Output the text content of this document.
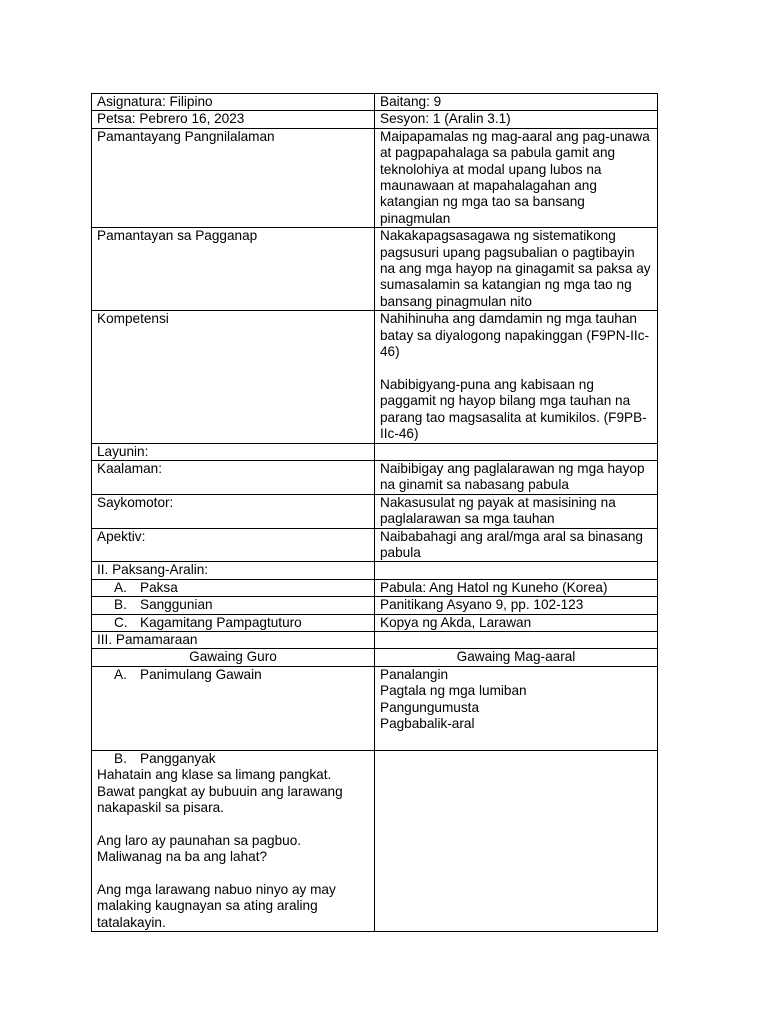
Asignatura: Filipino	Baitang: 9
Petsa: Pebrero 16, 2023	Sesyon: 1 (Aralin 3.1)
Pamantayang Pangnilalaman	Maipapamalas ng mag-aaral ang pag-unawa at pagpapahalaga sa pabula gamit ang teknolohiya at modal upang lubos na maunawaan at mapahalagahan ang katangian ng mga tao sa bansang pinagmulan
Pamantayan sa Pagganap	Nakakapagsasagawa ng sistematikong pagsusuri upang pagsubalian o pagtibayin na ang mga hayop na ginagamit sa paksa ay sumasalamin sa katangian ng mga tao ng bansang pinagmulan nito
Kompetensi	Nahihinuha ang damdamin ng mga tauhan batay sa diyalogong napakinggan (F9PN-IIc-46)
Nabibigyang-puna ang kabisaan ng paggamit ng hayop bilang mga tauhan na parang tao magsasalita at kumikilos. (F9PB-IIc-46)

Layunin:	
Kaalaman:	Naibibigay ang paglalarawan ng mga hayop na ginamit sa nabasang pabula
Saykomotor:	Nakasusulat ng payak at masisining na paglalarawan sa mga tauhan
Apektiv:	Naibabahagi ang aral/mga aral sa binasang pabula
II. Paksang-Aralin:	
A. Paksa	Pabula: Ang Hatol ng Kuneho (Korea)
B. Sanggunian	Panitikang Asyano 9, pp. 102-123
C. Kagamitang Pampagtuturo	Kopya ng Akda, Larawan
III. Pamamaraan	
Gawaing Guro	Gawaing Mag-aaral
A. Panimulang Gawain	Panalangin
Pagtala ng mga lumiban
Pangungumusta
Pagbabalik-aral

B. Pangganyak
Hahatain ang klase sa limang pangkat. Bawat pangkat ay bubuuin ang larawang nakapaskil sa pisara.
Ang laro ay paunahan sa pagbuo. Maliwanag na ba ang lahat?
Ang mga larawang nabuo ninyo ay may malaking kaugnayan sa ating araling tatalakayin.	
